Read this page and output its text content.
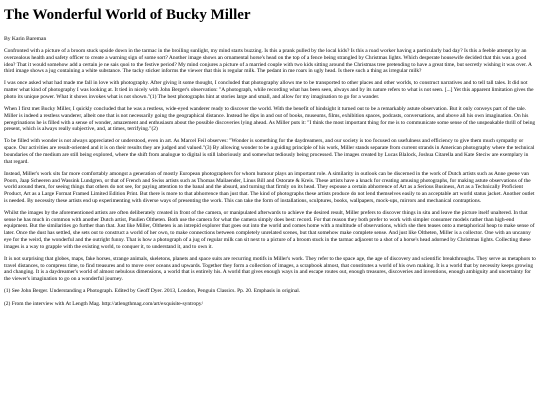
The Wonderful World of Bucky Miller
By Karin Bareman

Confronted with a picture of a broom stuck upside down in the tarmac in the broiling sunlight, my mind starts buzzing. Is this a prank pulled by the local kids? Is this a road worker having a particularly bad day? Is this a feeble attempt by an overzealous health and safety officer to create a warning sign of some sort? Another image shows an ornamental horse's head on the top of a fence being strangled by Christmas lights. Which desperate housewife decided that this was a good idea? That it would somehow add a certain je ne sais quoi to the festive period? My mind conjures a picture of a married couple with two kids sitting around the Christmas tree pretending to have a great time, but secretly wishing it was over. A third image shows a jug containing a white substance. The tacky sticker informs the viewer that this is regular milk. The pedant in me roars in ugly head. Is there such a thing as irregular milk?

I was once asked what had made me fall in love with photography. After giving it some thought, I concluded that photography allows me to be transported to other places and other worlds, to construct narratives and to tell tall tales. It did not matter what kind of photography I was looking at. It tied in nicely with John Berger's observation: "A photograph, while recording what has been seen, always and by its nature refers to what is not seen. [...] Yet this apparent limitation gives the photo its unique power. What it shows invokes what is not shown."(1) The best photographs hint at stories large and small, and allow for my imagination to go for a wander.

When I first met Bucky Miller, I quickly concluded that he was a restless, wide-eyed wanderer ready to discover the world. With the benefit of hindsight it turned out to be a remarkably astute observation. But it only conveys part of the tale. Miller is indeed a restless wanderer, albeit one that is not necessarily going the geographical distance. Instead he dips in and out of books, museums, films, exhibition spaces, podcasts, conversations, and above all his own imagination. On his peregrinations he is filled with a sense of wonder, amazement and enthusiasm about the possible discoveries lying ahead. As Miller puts it: "I think the most important thing for me is to communicate some sense of the unspeakable thrill of being present, which is always really subjective, and, at times, terrifying."(2)

To be filled with wonder is not always appreciated or understood, even in art. As Marcel Feil observes: "Wonder is something for the daydreamers, and our society is too focused on usefulness and efficiency to give them much sympathy or space. Our activities are result-oriented and it is on their results they are judged and valued."(3) By allowing wonder to be a guiding principle of his work, Miller stands separate from current strands in American photography where the technical boundaries of the medium are still being explored, where the shift from analogue to digital is still laboriously and somewhat tediously being processed. The images created by Lucas Blalock, Joshua Citarella and Kate Steciw are exemplary in that regard.

Instead, Miller's work sits far more comfortably amongst a generation of mostly European photographers for whom humour plays an important role. A similarity in outlook can be discerned in the work of Dutch artists such as Anne geene van Poorn, Jaap Scheeren and Wassink Lundgren, or that of French and Swiss artists such as Thomas Mailaender, Linus Bill and Ostorate & Kreis. These artists have a knack for creating amusing photographs, for making astute observations of the world around them, for seeing things that others do not see, for paying attention to the banal and the absurd, and turning that firmly on its head. They espouse a certain abhorrence of Art as a Serious Business, Art as a Technically Proficient Product, Art as a Large Format Framed Limited Edition Print. But there is more to that abhorrence than just that. The kind of photographs these artists produce do not lend themselves easily to an acceptable art world status jacket. Another outlet is needed. By necessity these artists end up experimenting with diverse ways of presenting the work. This can take the form of installations, sculptures, books, wallpapers, mock-ups, mirrors and mechanical contraptions.

Whilst the images by the aforementioned artists are often deliberately created in front of the camera, or manipulated afterwards to achieve the desired result, Miller prefers to discover things in situ and leave the picture itself unaltered. In that sense he has much in common with another Dutch artist, Paulien Oltheten. Both use the camera for what the camera simply does best: record. For that reason they both prefer to work with simpler consumer models rather than high-end equipment. But the similarities go further than that. Just like Miller, Oltheten is an intrepid explorer that goes out into the world and comes home with a multitude of observations, which she then teases onto a metaphorical heap to make sense of later. Once the dust has settled, she sets out to construct a world of her own, to make connections between completely unrelated scenes, but that somehow make complete sense. And just like Oltheten, Miller is a collector. One with an uncanny eye for the weird, the wonderful and the outright funny. That is how a photograph of a jug of regular milk can sit next to a picture of a broom stuck in the tarmac adjacent to a shot of a horse's head adorned by Christmas lights. Collecting these images is a way to grapple with the existing world, to conquer it, to understand it, and to own it.

It is not surprising that globes, maps, fake horses, strange animals, skeletons, planets and space suits are recurring motifs in Miller's work. They refer to the space age, the age of discovery and scientific breakthroughs. They serve as metaphors to travel distances, to compress time, to find treasures and to move over oceans and upwards. Together they form a collection of images, a scrapbook almost, that constitutes a world of his own making. It is a world that by necessity keeps growing and changing. It is a daydreamer's world of almost nebulous dimensions, a world that is entirely his. A world that gives enough ways in and escape routes out, enough treasures, discoveries and inventions, enough ambiguity and uncertainty for the viewer's imagination to go on a wonderful journey.

(1) See John Berger. Understanding a Photograph. Edited by Geoff Dyer. 2013, London, Penguin Classics. Pp. 20. Emphasis in original.

(2) From the interview with At Length Mag. http://atlengthmag.com/art/exquisite-syntropy/
